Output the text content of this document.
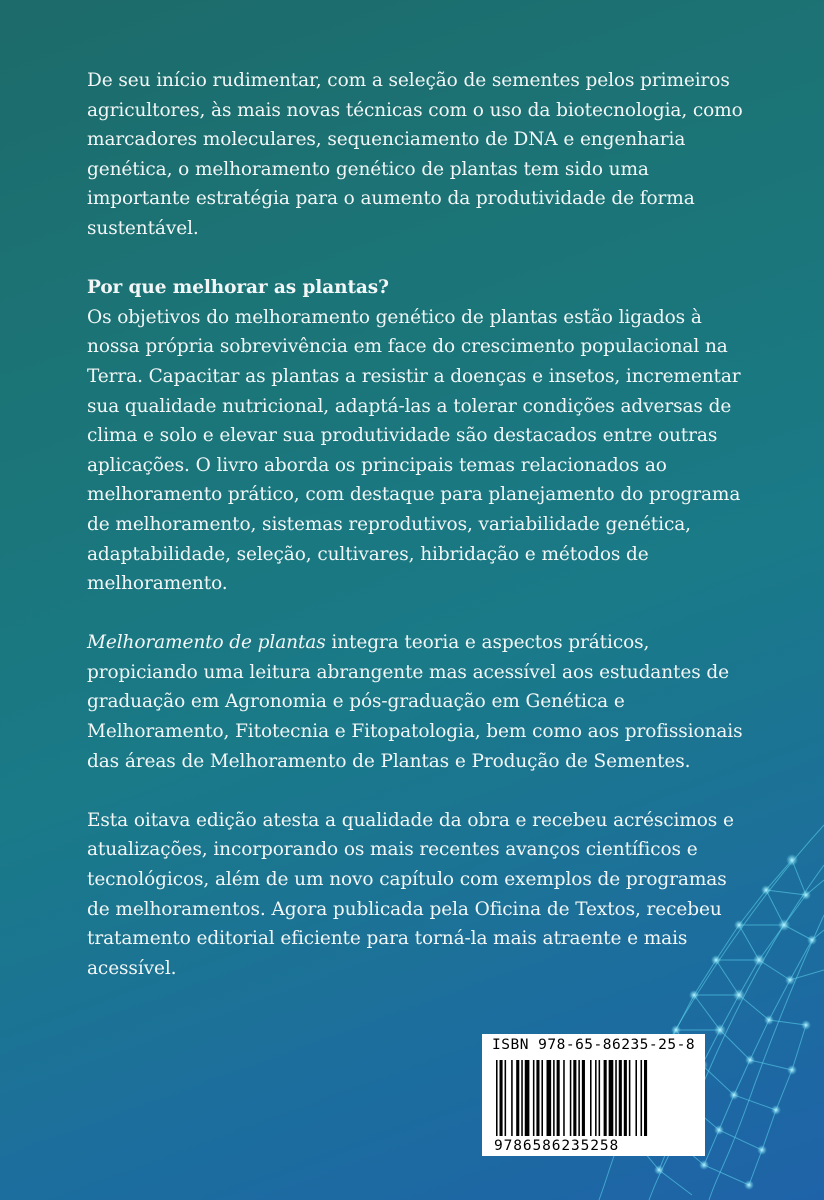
De seu início rudimentar, com a seleção de sementes pelos primeiros agricultores, às mais novas técnicas com o uso da biotecnologia, como marcadores moleculares, sequenciamento de DNA e engenharia genética, o melhoramento genético de plantas tem sido uma importante estratégia para o aumento da produtividade de forma sustentável.

Por que melhorar as plantas?

Os objetivos do melhoramento genético de plantas estão ligados à nossa própria sobrevivência em face do crescimento populacional na Terra. Capacitar as plantas a resistir a doenças e insetos, incrementar sua qualidade nutricional, adaptá-las a tolerar condições adversas de clima e solo e elevar sua produtividade são destacados entre outras aplicações. O livro aborda os principais temas relacionados ao melhoramento prático, com destaque para planejamento do programa de melhoramento, sistemas reprodutivos, variabilidade genética, adaptabilidade, seleção, cultivares, hibridação e métodos de melhoramento.

Melhoramento de plantas integra teoria e aspectos práticos, propiciando uma leitura abrangente mas acessível aos estudantes de graduação em Agronomia e pós-graduação em Genética e Melhoramento, Fitotecnia e Fitopatologia, bem como aos profissionais das áreas de Melhoramento de Plantas e Produção de Sementes.

Esta oitava edição atesta a qualidade da obra e recebeu acréscimos e atualizações, incorporando os mais recentes avanços científicos e tecnológicos, além de um novo capítulo com exemplos de programas de melhoramentos. Agora publicada pela Oficina de Textos, recebeu tratamento editorial eficiente para torná-la mais atraente e mais acessível.

ISBN 978-65-86235-25-8
9786586235258
